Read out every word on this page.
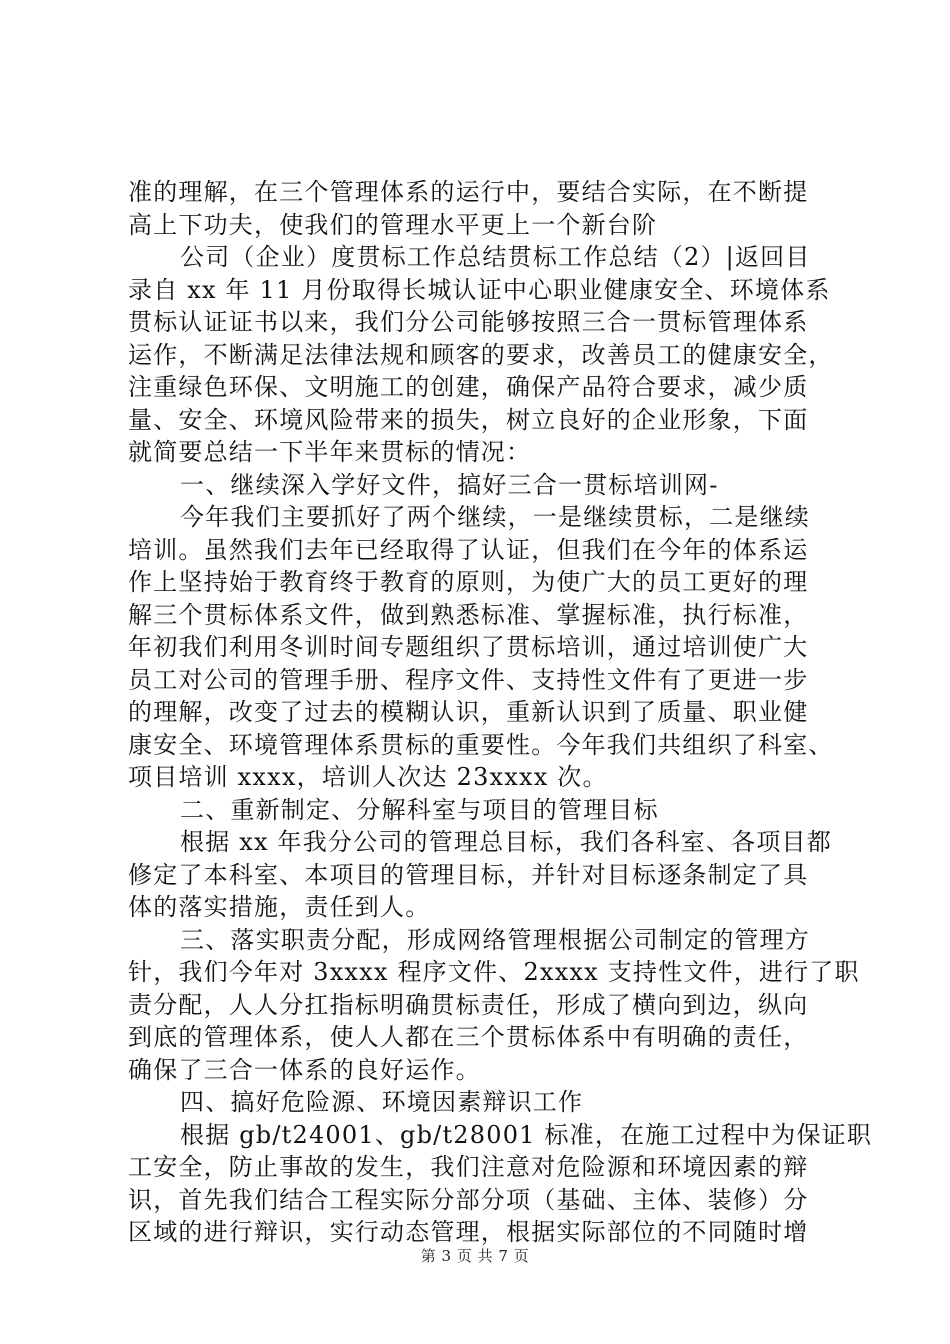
准的理解，在三个管理体系的运行中，要结合实际，在不断提
高上下功夫，使我们的管理水平更上一个新台阶
公司（企业）度贯标工作总结贯标工作总结（2）|返回目
录自 xx 年 11 月份取得长城认证中心职业健康安全、环境体系
贯标认证证书以来，我们分公司能够按照三合一贯标管理体系
运作，不断满足法律法规和顾客的要求，改善员工的健康安全，
注重绿色环保、文明施工的创建，确保产品符合要求，减少质
量、安全、环境风险带来的损失，树立良好的企业形象，下面
就简要总结一下半年来贯标的情况：
一、继续深入学好文件，搞好三合一贯标培训网-
今年我们主要抓好了两个继续，一是继续贯标，二是继续
培训。虽然我们去年已经取得了认证，但我们在今年的体系运
作上坚持始于教育终于教育的原则，为使广大的员工更好的理
解三个贯标体系文件，做到熟悉标准、掌握标准，执行标准，
年初我们利用冬训时间专题组织了贯标培训，通过培训使广大
员工对公司的管理手册、程序文件、支持性文件有了更进一步
的理解，改变了过去的模糊认识，重新认识到了质量、职业健
康安全、环境管理体系贯标的重要性。今年我们共组织了科室、
项目培训 xxxx，培训人次达 23xxxx 次。
二、重新制定、分解科室与项目的管理目标
根据 xx 年我分公司的管理总目标，我们各科室、各项目都
修定了本科室、本项目的管理目标，并针对目标逐条制定了具
体的落实措施，责任到人。
三、落实职责分配，形成网络管理根据公司制定的管理方
针，我们今年对 3xxxx 程序文件、2xxxx 支持性文件，进行了职
责分配，人人分扛指标明确贯标责任，形成了横向到边，纵向
到底的管理体系，使人人都在三个贯标体系中有明确的责任，
确保了三合一体系的良好运作。
四、搞好危险源、环境因素辩识工作
根据 gb/t24001、gb/t28001 标准，在施工过程中为保证职
工安全，防止事故的发生，我们注意对危险源和环境因素的辩
识，首先我们结合工程实际分部分项（基础、主体、装修）分
区域的进行辩识，实行动态管理，根据实际部位的不同随时增
第 3 页 共 7 页
